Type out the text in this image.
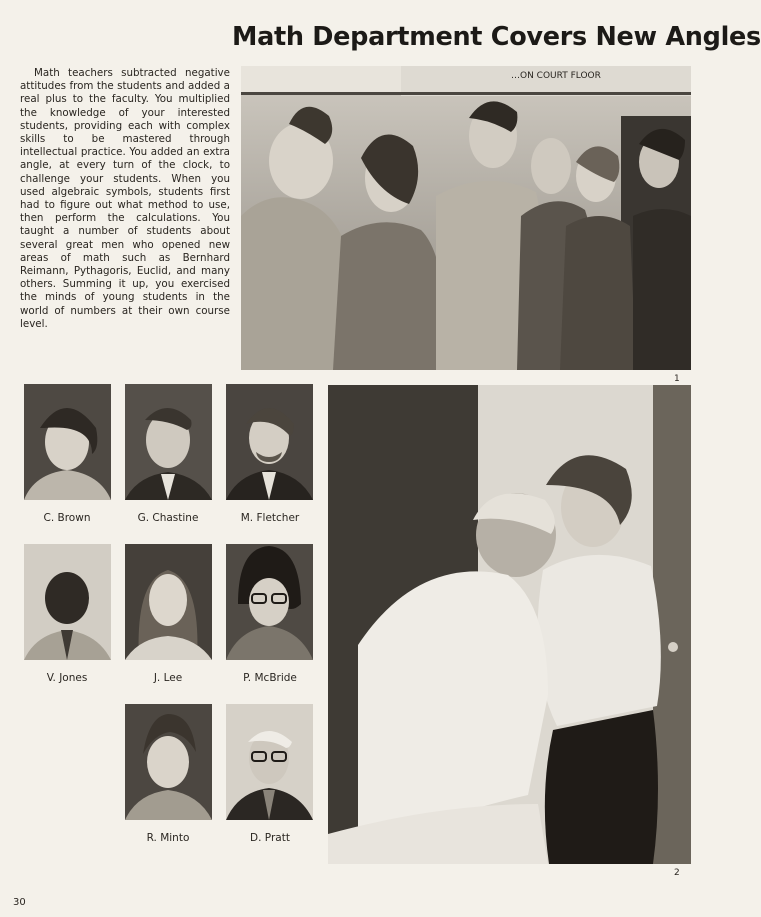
Math Department Covers New Angles

Math teachers subtracted negative attitudes from the students and added a real plus to the faculty. You multiplied the knowledge of your interested students, providing each with complex skills to be mastered through intellectual practice. You added an extra angle, at every turn of the clock, to challenge your students. When you used algebraic symbols, students first had to figure out what method to use, then perform the calculations. You taught a number of students about several great men who opened new areas of math such as Bernhard Reimann, Pythagoris, Euclid, and many others. Summing it up, you exercised the minds of young students in the world of numbers at their own course level.

…ON COURT FLOOR
1
2
C. Brown	G. Chastine	M. Fletcher
V. Jones	J. Lee	P. McBride
R. Minto	D. Pratt
30
